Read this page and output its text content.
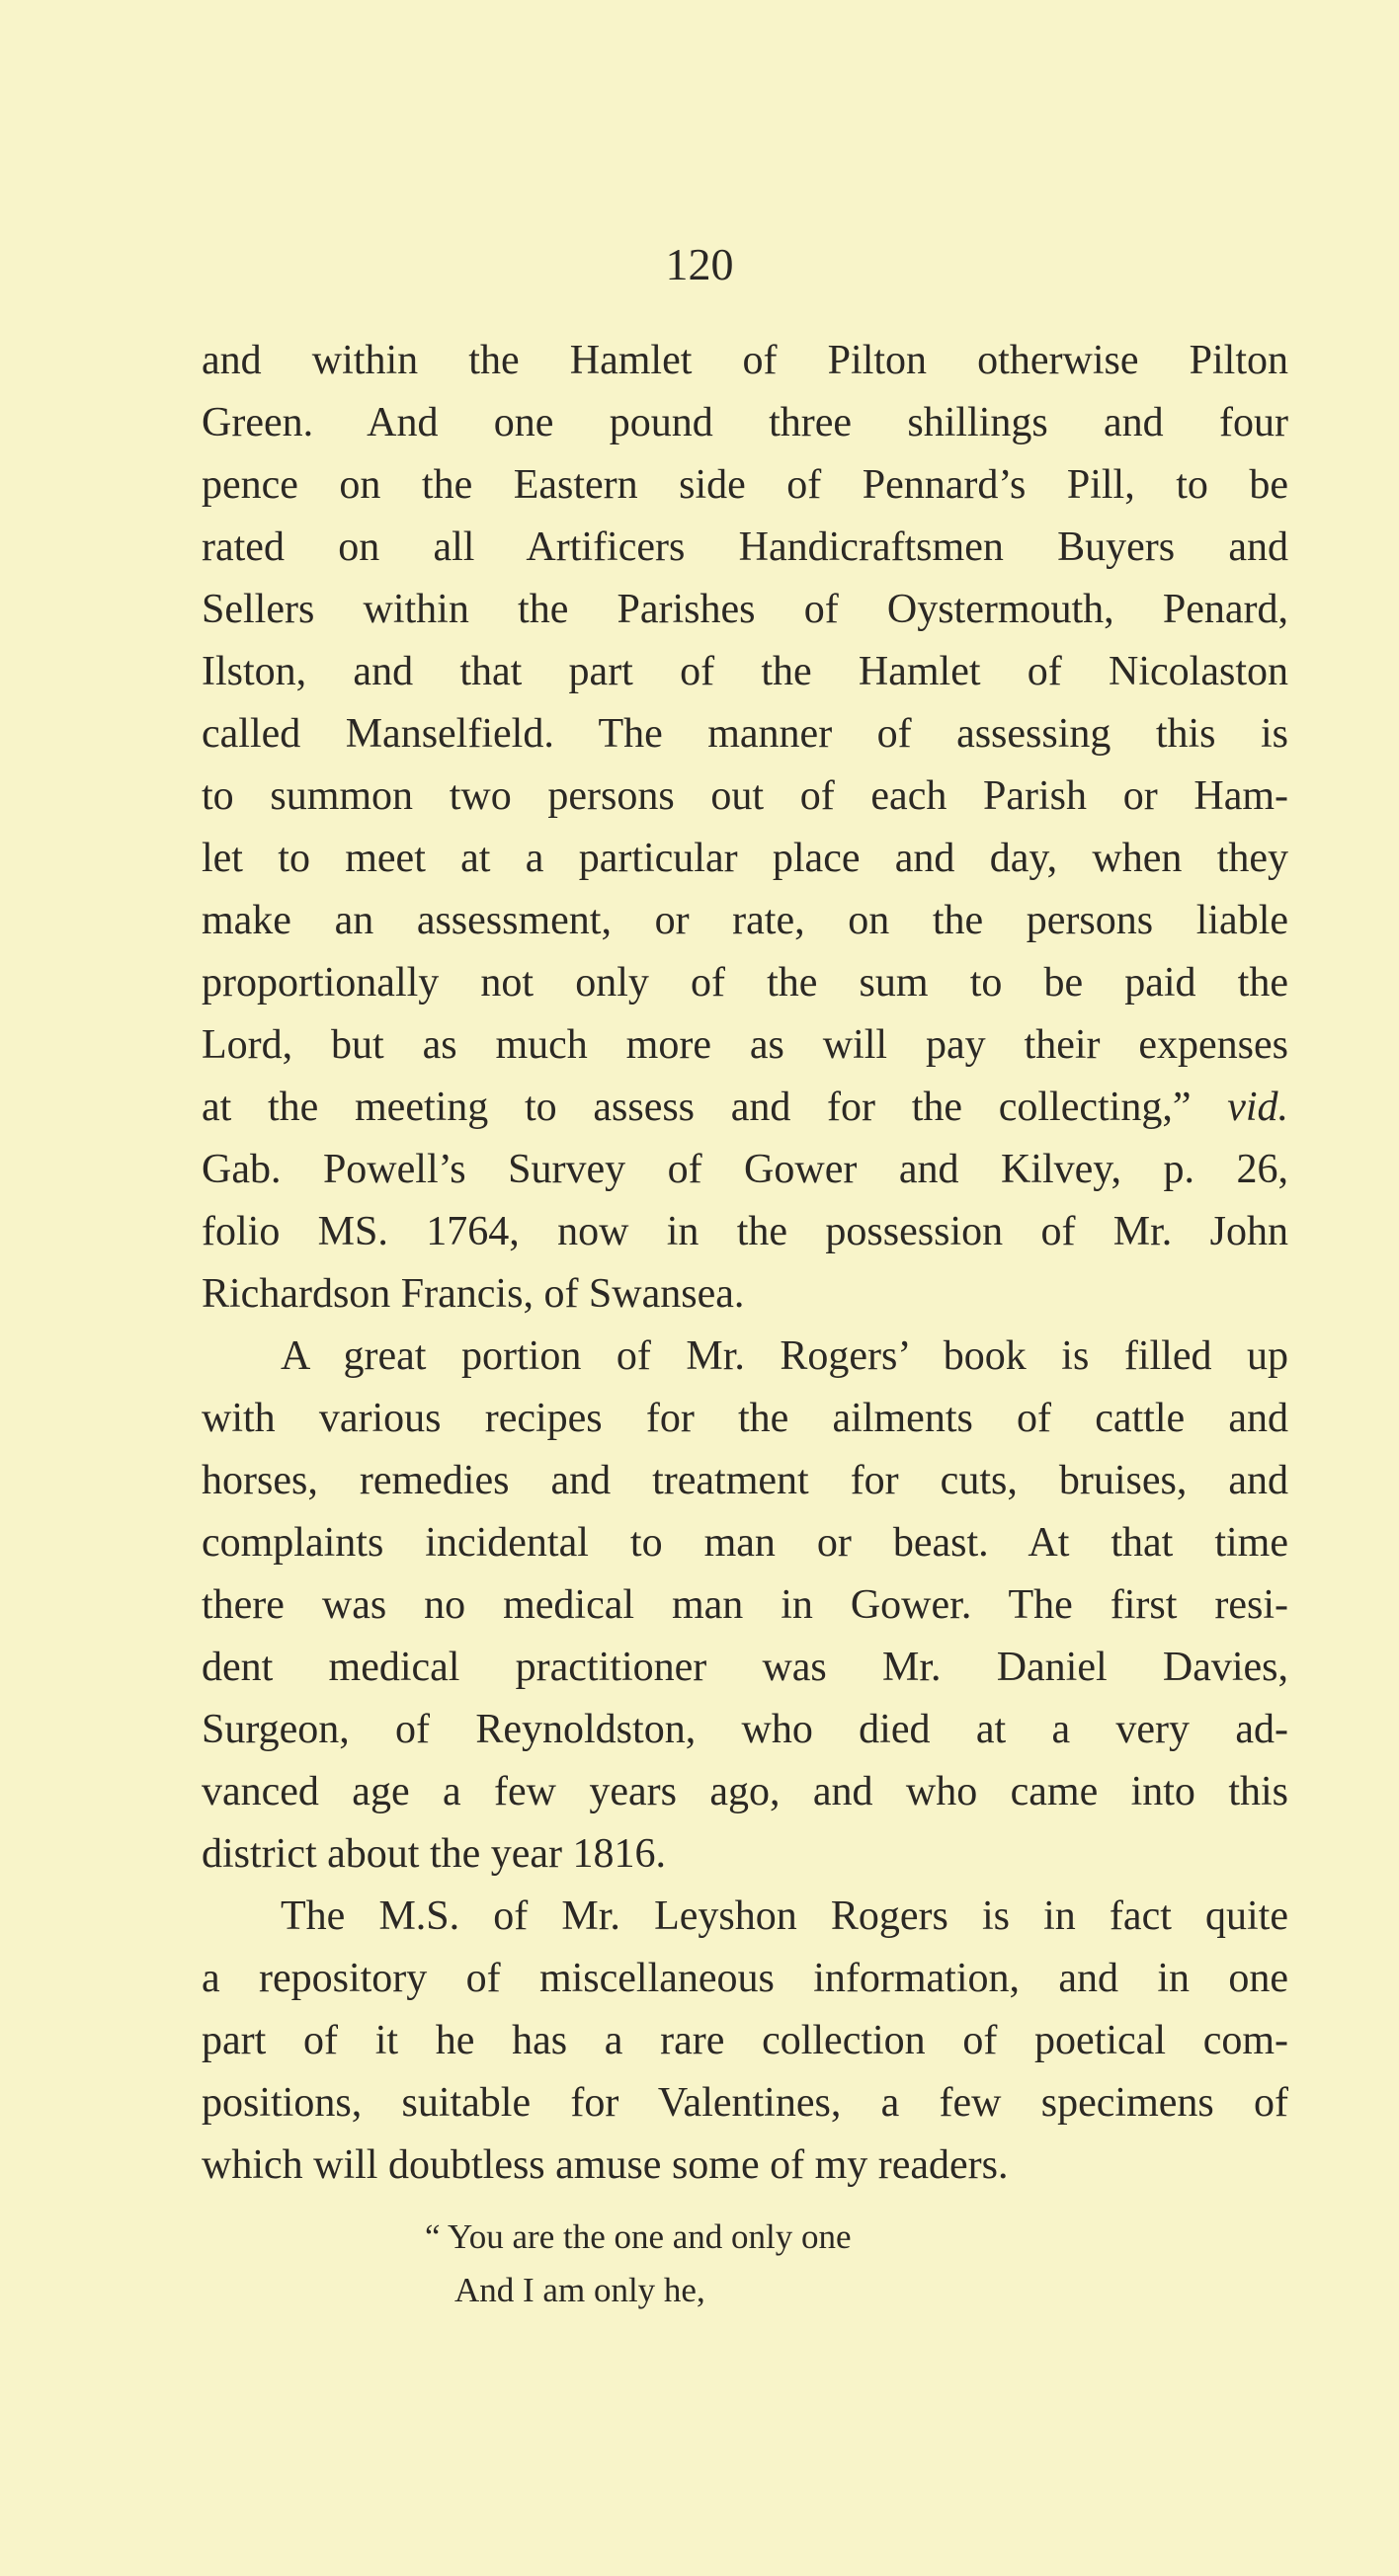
120
and within the Hamlet of Pilton otherwise Pilton
Green. And one pound three shillings and four
pence on the Eastern side of Pennard’s Pill, to be
rated on all Artificers Handicraftsmen Buyers and
Sellers within the Parishes of Oystermouth, Penard,
Ilston, and that part of the Hamlet of Nicolaston
called Manselfield. The manner of assessing this is
to summon two persons out of each Parish or Ham-
let to meet at a particular place and day, when they
make an assessment, or rate, on the persons liable
proportionally not only of the sum to be paid the
Lord, but as much more as will pay their expenses
at the meeting to assess and for the collecting,” vid.
Gab. Powell’s Survey of Gower and Kilvey, p. 26,
folio MS. 1764, now in the possession of Mr. John
Richardson Francis, of Swansea.
A great portion of Mr. Rogers’ book is filled up
with various recipes for the ailments of cattle and
horses, remedies and treatment for cuts, bruises, and
complaints incidental to man or beast. At that time
there was no medical man in Gower. The first resi-
dent medical practitioner was Mr. Daniel Davies,
Surgeon, of Reynoldston, who died at a very ad-
vanced age a few years ago, and who came into this
district about the year 1816.
The M.S. of Mr. Leyshon Rogers is in fact quite
a repository of miscellaneous information, and in one
part of it he has a rare collection of poetical com-
positions, suitable for Valentines, a few specimens of
which will doubtless amuse some of my readers.
“ You are the one and only one
And I am only he,
